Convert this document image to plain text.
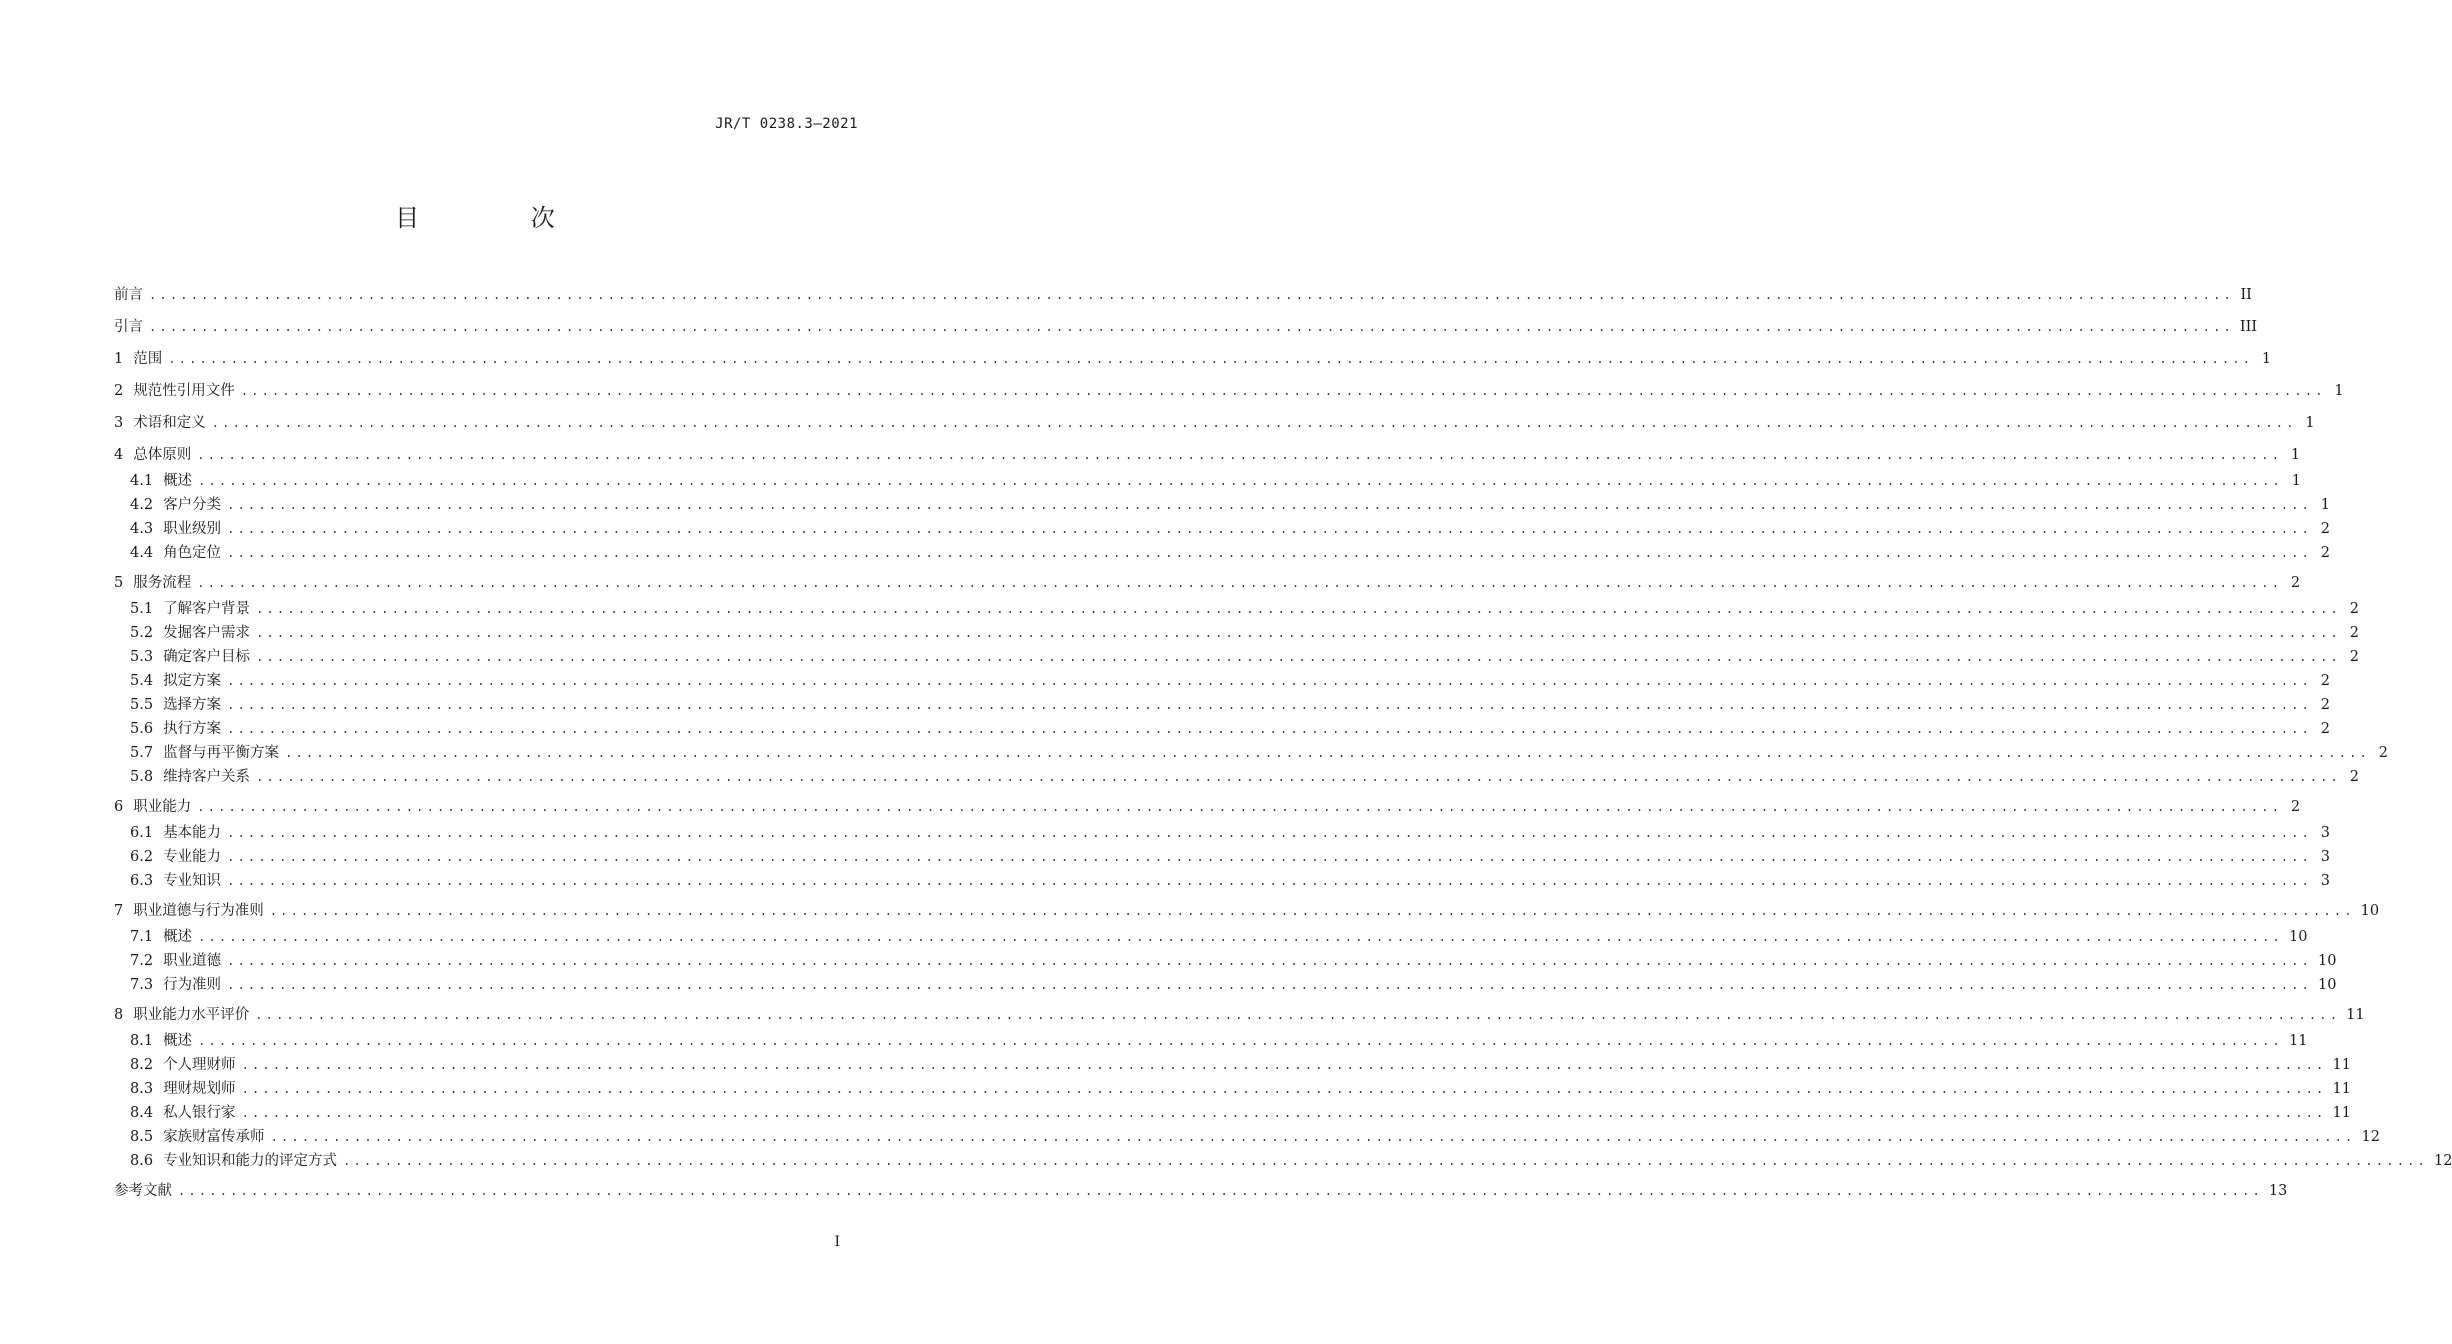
JR/T 0238.3—2021
目 次
前言 ........................................................................................................................................................................................................ II
引言 ........................................................................................................................................................................................................ III
1 范围 ........................................................................................................................................................................................................ 1
2 规范性引用文件 ........................................................................................................................................................................................................ 1
3 术语和定义 ........................................................................................................................................................................................................ 1
4 总体原则 ........................................................................................................................................................................................................ 1
4.1 概述 ........................................................................................................................................................................................................ 1
4.2 客户分类 ........................................................................................................................................................................................................ 1
4.3 职业级别 ........................................................................................................................................................................................................ 2
4.4 角色定位 ........................................................................................................................................................................................................ 2
5 服务流程 ........................................................................................................................................................................................................ 2
5.1 了解客户背景 ........................................................................................................................................................................................................ 2
5.2 发掘客户需求 ........................................................................................................................................................................................................ 2
5.3 确定客户目标 ........................................................................................................................................................................................................ 2
5.4 拟定方案 ........................................................................................................................................................................................................ 2
5.5 选择方案 ........................................................................................................................................................................................................ 2
5.6 执行方案 ........................................................................................................................................................................................................ 2
5.7 监督与再平衡方案 ........................................................................................................................................................................................................ 2
5.8 维持客户关系 ........................................................................................................................................................................................................ 2
6 职业能力 ........................................................................................................................................................................................................ 2
6.1 基本能力 ........................................................................................................................................................................................................ 3
6.2 专业能力 ........................................................................................................................................................................................................ 3
6.3 专业知识 ........................................................................................................................................................................................................ 3
7 职业道德与行为准则 ........................................................................................................................................................................................................ 10
7.1 概述 ........................................................................................................................................................................................................ 10
7.2 职业道德 ........................................................................................................................................................................................................ 10
7.3 行为准则 ........................................................................................................................................................................................................ 10
8 职业能力水平评价 ........................................................................................................................................................................................................ 11
8.1 概述 ........................................................................................................................................................................................................ 11
8.2 个人理财师 ........................................................................................................................................................................................................ 11
8.3 理财规划师 ........................................................................................................................................................................................................ 11
8.4 私人银行家 ........................................................................................................................................................................................................ 11
8.5 家族财富传承师 ........................................................................................................................................................................................................ 12
8.6 专业知识和能力的评定方式 ........................................................................................................................................................................................................ 12
参考文献 ........................................................................................................................................................................................................ 13
I
